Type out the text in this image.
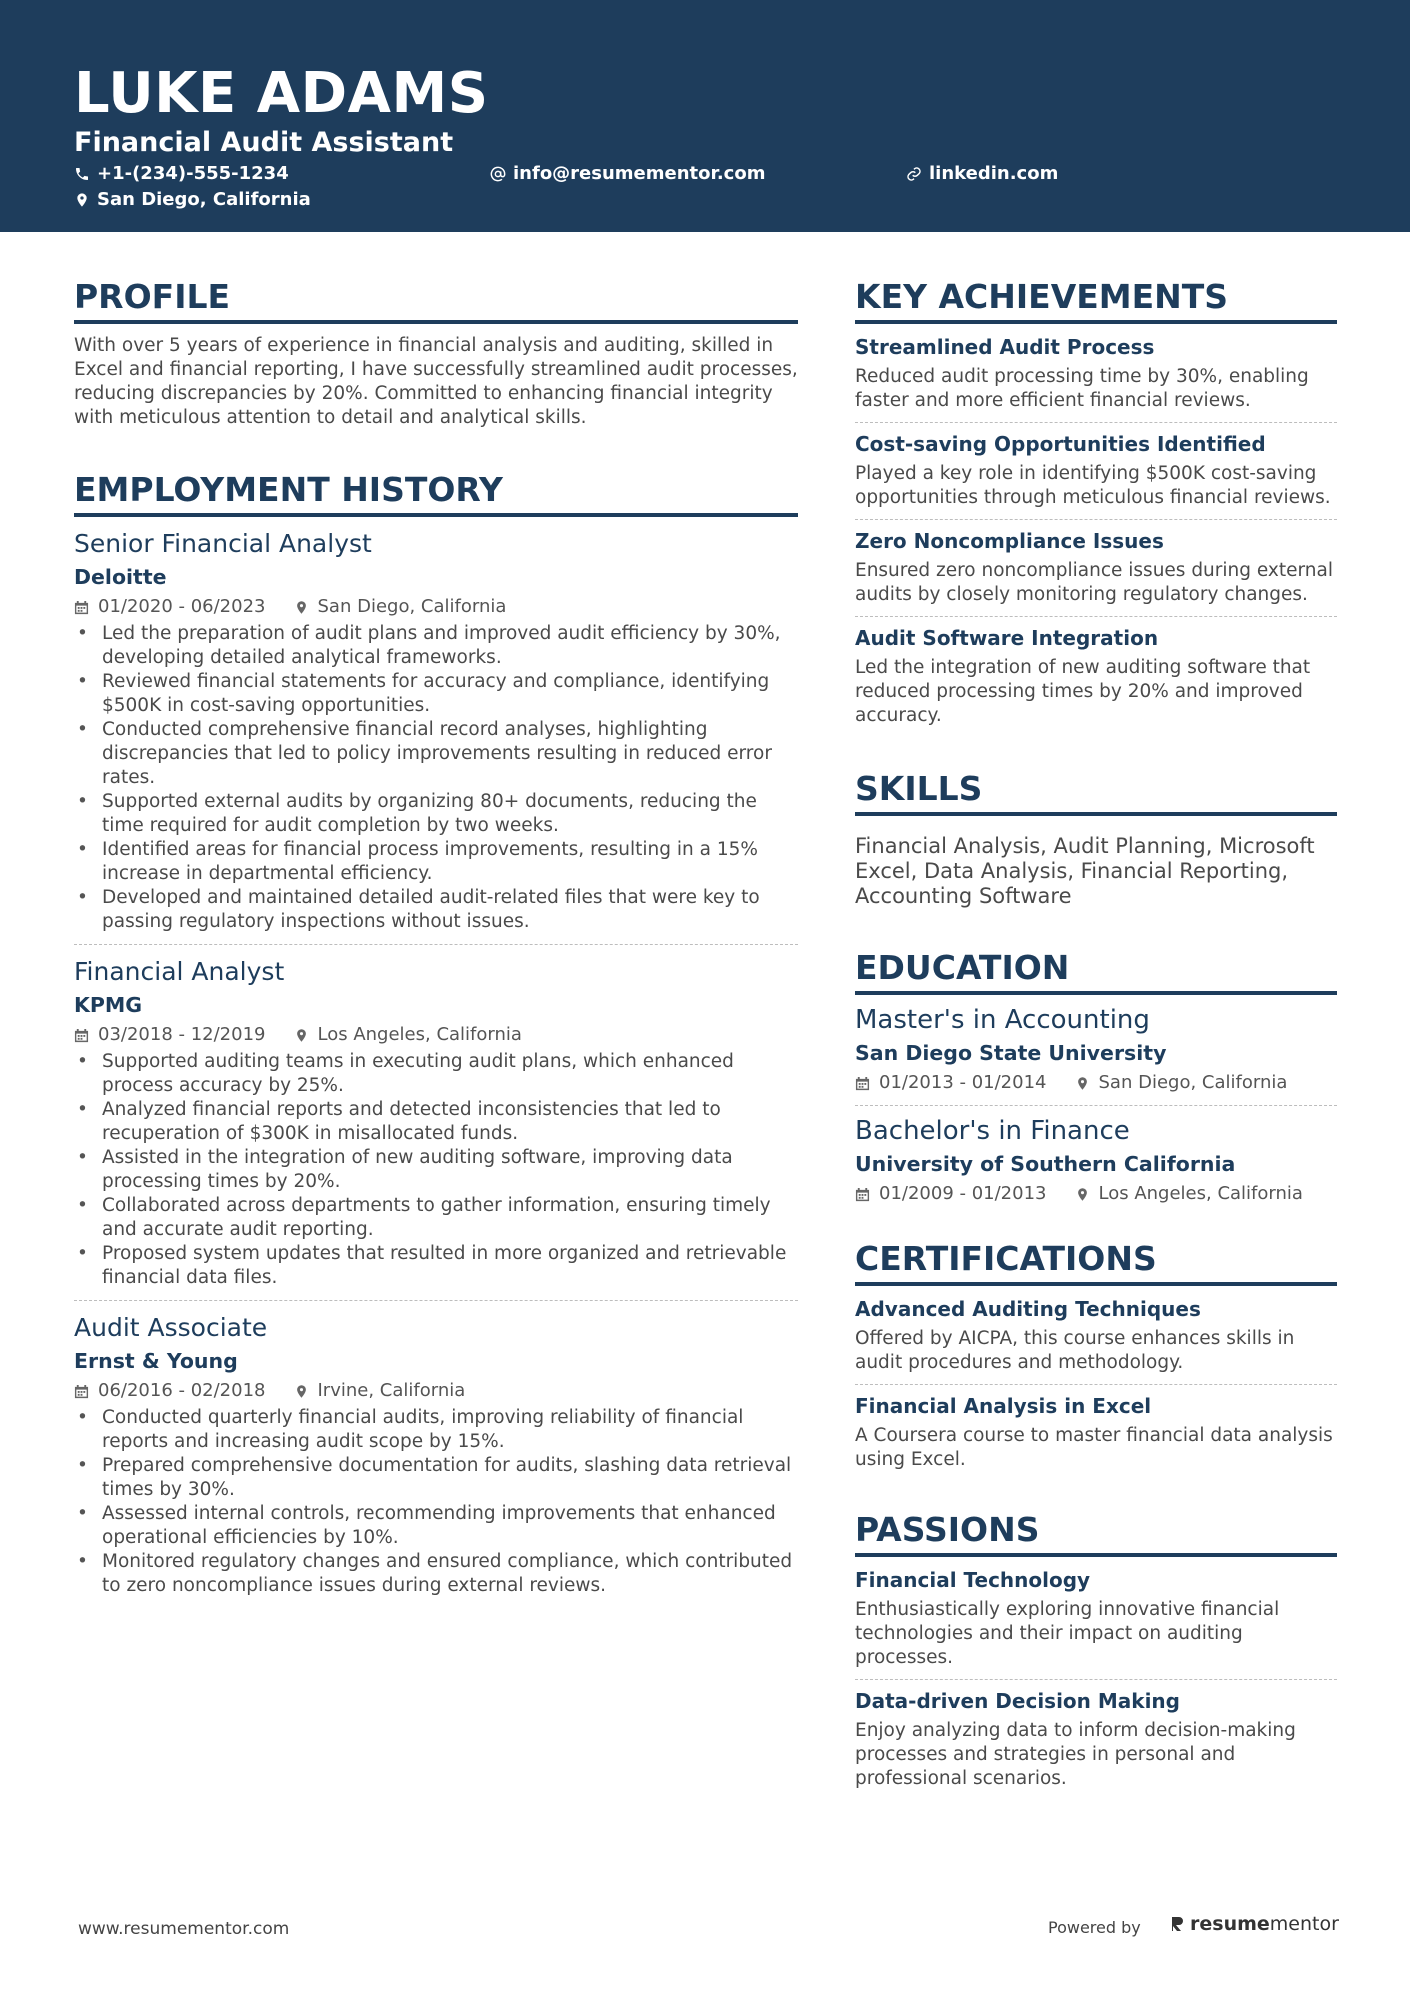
LUKE ADAMS
Financial Audit Assistant
+1-(234)-555-1234	info@resumementor.com	linkedin.com
San Diego, California
PROFILE
With over 5 years of experience in financial analysis and auditing, skilled in Excel and financial reporting, I have successfully streamlined audit processes, reducing discrepancies by 20%. Committed to enhancing financial integrity with meticulous attention to detail and analytical skills.
EMPLOYMENT HISTORY
Senior Financial Analyst
Deloitte
01/2020 - 06/2023	San Diego, California
• Led the preparation of audit plans and improved audit efficiency by 30%, developing detailed analytical frameworks.
• Reviewed financial statements for accuracy and compliance, identifying $500K in cost-saving opportunities.
• Conducted comprehensive financial record analyses, highlighting discrepancies that led to policy improvements resulting in reduced error rates.
• Supported external audits by organizing 80+ documents, reducing the time required for audit completion by two weeks.
• Identified areas for financial process improvements, resulting in a 15% increase in departmental efficiency.
• Developed and maintained detailed audit-related files that were key to passing regulatory inspections without issues.
Financial Analyst
KPMG
03/2018 - 12/2019	Los Angeles, California
• Supported auditing teams in executing audit plans, which enhanced process accuracy by 25%.
• Analyzed financial reports and detected inconsistencies that led to recuperation of $300K in misallocated funds.
• Assisted in the integration of new auditing software, improving data processing times by 20%.
• Collaborated across departments to gather information, ensuring timely and accurate audit reporting.
• Proposed system updates that resulted in more organized and retrievable financial data files.
Audit Associate
Ernst & Young
06/2016 - 02/2018	Irvine, California
• Conducted quarterly financial audits, improving reliability of financial reports and increasing audit scope by 15%.
• Prepared comprehensive documentation for audits, slashing data retrieval times by 30%.
• Assessed internal controls, recommending improvements that enhanced operational efficiencies by 10%.
• Monitored regulatory changes and ensured compliance, which contributed to zero noncompliance issues during external reviews.
KEY ACHIEVEMENTS
Streamlined Audit Process
Reduced audit processing time by 30%, enabling faster and more efficient financial reviews.
Cost-saving Opportunities Identified
Played a key role in identifying $500K cost-saving opportunities through meticulous financial reviews.
Zero Noncompliance Issues
Ensured zero noncompliance issues during external audits by closely monitoring regulatory changes.
Audit Software Integration
Led the integration of new auditing software that reduced processing times by 20% and improved accuracy.
SKILLS
Financial Analysis, Audit Planning, Microsoft Excel, Data Analysis, Financial Reporting, Accounting Software
EDUCATION
Master's in Accounting
San Diego State University
01/2013 - 01/2014	San Diego, California
Bachelor's in Finance
University of Southern California
01/2009 - 01/2013	Los Angeles, California
CERTIFICATIONS
Advanced Auditing Techniques
Offered by AICPA, this course enhances skills in audit procedures and methodology.
Financial Analysis in Excel
A Coursera course to master financial data analysis using Excel.
PASSIONS
Financial Technology
Enthusiastically exploring innovative financial technologies and their impact on auditing processes.
Data-driven Decision Making
Enjoy analyzing data to inform decision-making processes and strategies in personal and professional scenarios.
www.resumementor.com	Powered by	resume mentor
